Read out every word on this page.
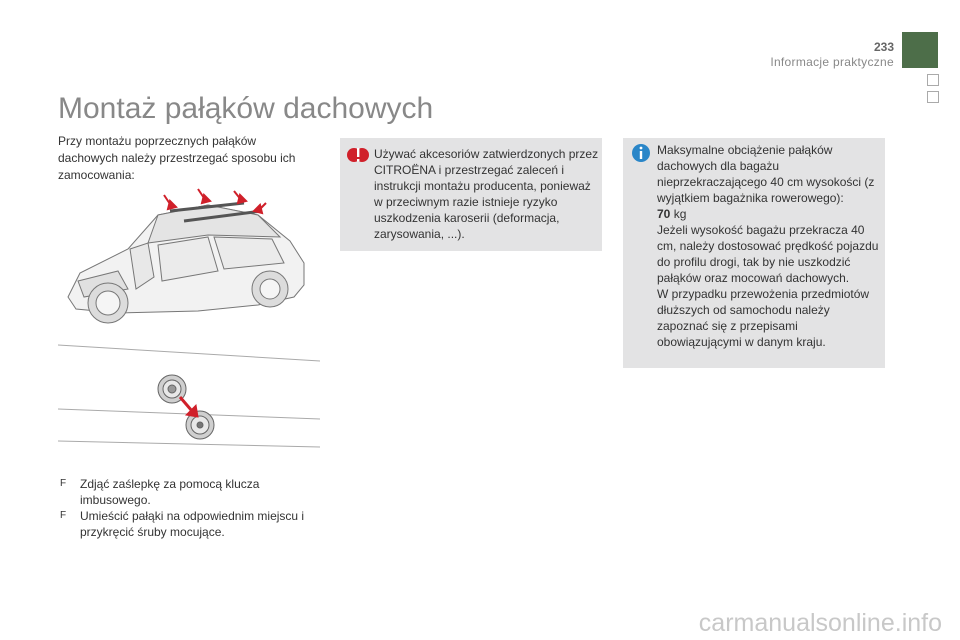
233
Informacje praktyczne
Montaż pałąków dachowych
Przy montażu poprzecznych pałąków dachowych należy przestrzegać sposobu ich zamocowania:
F Zdjąć zaślepkę za pomocą klucza imbusowego.
F Umieścić pałąki na odpowiednim miejscu i przykręcić śruby mocujące.
Używać akcesoriów zatwierdzonych przez CITROËNA i przestrzegać zaleceń i instrukcji montażu producenta, ponieważ w przeciwnym razie istnieje ryzyko uszkodzenia karoserii (deformacja, zarysowania, ...).
Maksymalne obciążenie pałąków dachowych dla bagażu nieprzekraczającego 40 cm wysokości (z wyjątkiem bagażnika rowerowego):
70 kg
Jeżeli wysokość bagażu przekracza 40 cm, należy dostosować prędkość pojazdu do profilu drogi, tak by nie uszkodzić pałąków oraz mocowań dachowych.
W przypadku przewożenia przedmiotów dłuższych od samochodu należy zapoznać się z przepisami obowiązującymi w danym kraju.
carmanualsonline.info
